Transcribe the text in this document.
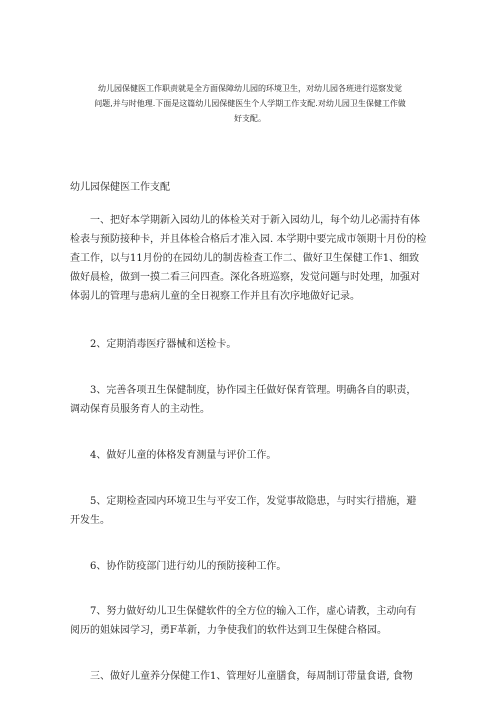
幼儿园保健医工作职责就是全方面保障幼儿园的环境卫生，对幼儿园各班进行巡察发觉
问题,并与时他理.下面是这篇幼儿园保健医生个人学期工作支配.对幼儿园卫生保健工作做
好支配。
幼儿园保健医工作支配
一、把好本学期新入园幼儿的体检关对于新入园幼儿，每个幼儿必需持有体
检表与预防接种卡，并且体检合格后才准入园. 本学期中要完成市领期十月份的检
查工作，以与11月份的在园幼儿的制齿检查工作二、做好卫生保健工作1、细致
做好晨检，做到一摸二看三问四查。深化各班巡察，发觉问题与时处理，加强对
体弱儿的管理与患病儿童的全日视察工作并且有次序地做好记录。
2、定期消毒医疗器械和送检卡。
3、完善各项丑生保健制度，协作园主任做好保育管理。明确各自的职责，
调动保育员服务育人的主动性。
4、做好儿童的体格发育测量与评价工作。
5、定期检查园内环境卫生与平安工作，发觉事故隐患，与时实行措施，避
开发生。
6、协作防疫部门进行幼儿的预防接种工作。
7、努力做好幼儿卫生保健软件的全方位的输入工作，虚心请教，主动向有
阅历的姐妹园学习，勇F革新，力争使我们的软件达到卫生保健合格园。
三、做好儿童养分保健工作1、管理好儿童膳食，每周制订带量食谱, 食物
